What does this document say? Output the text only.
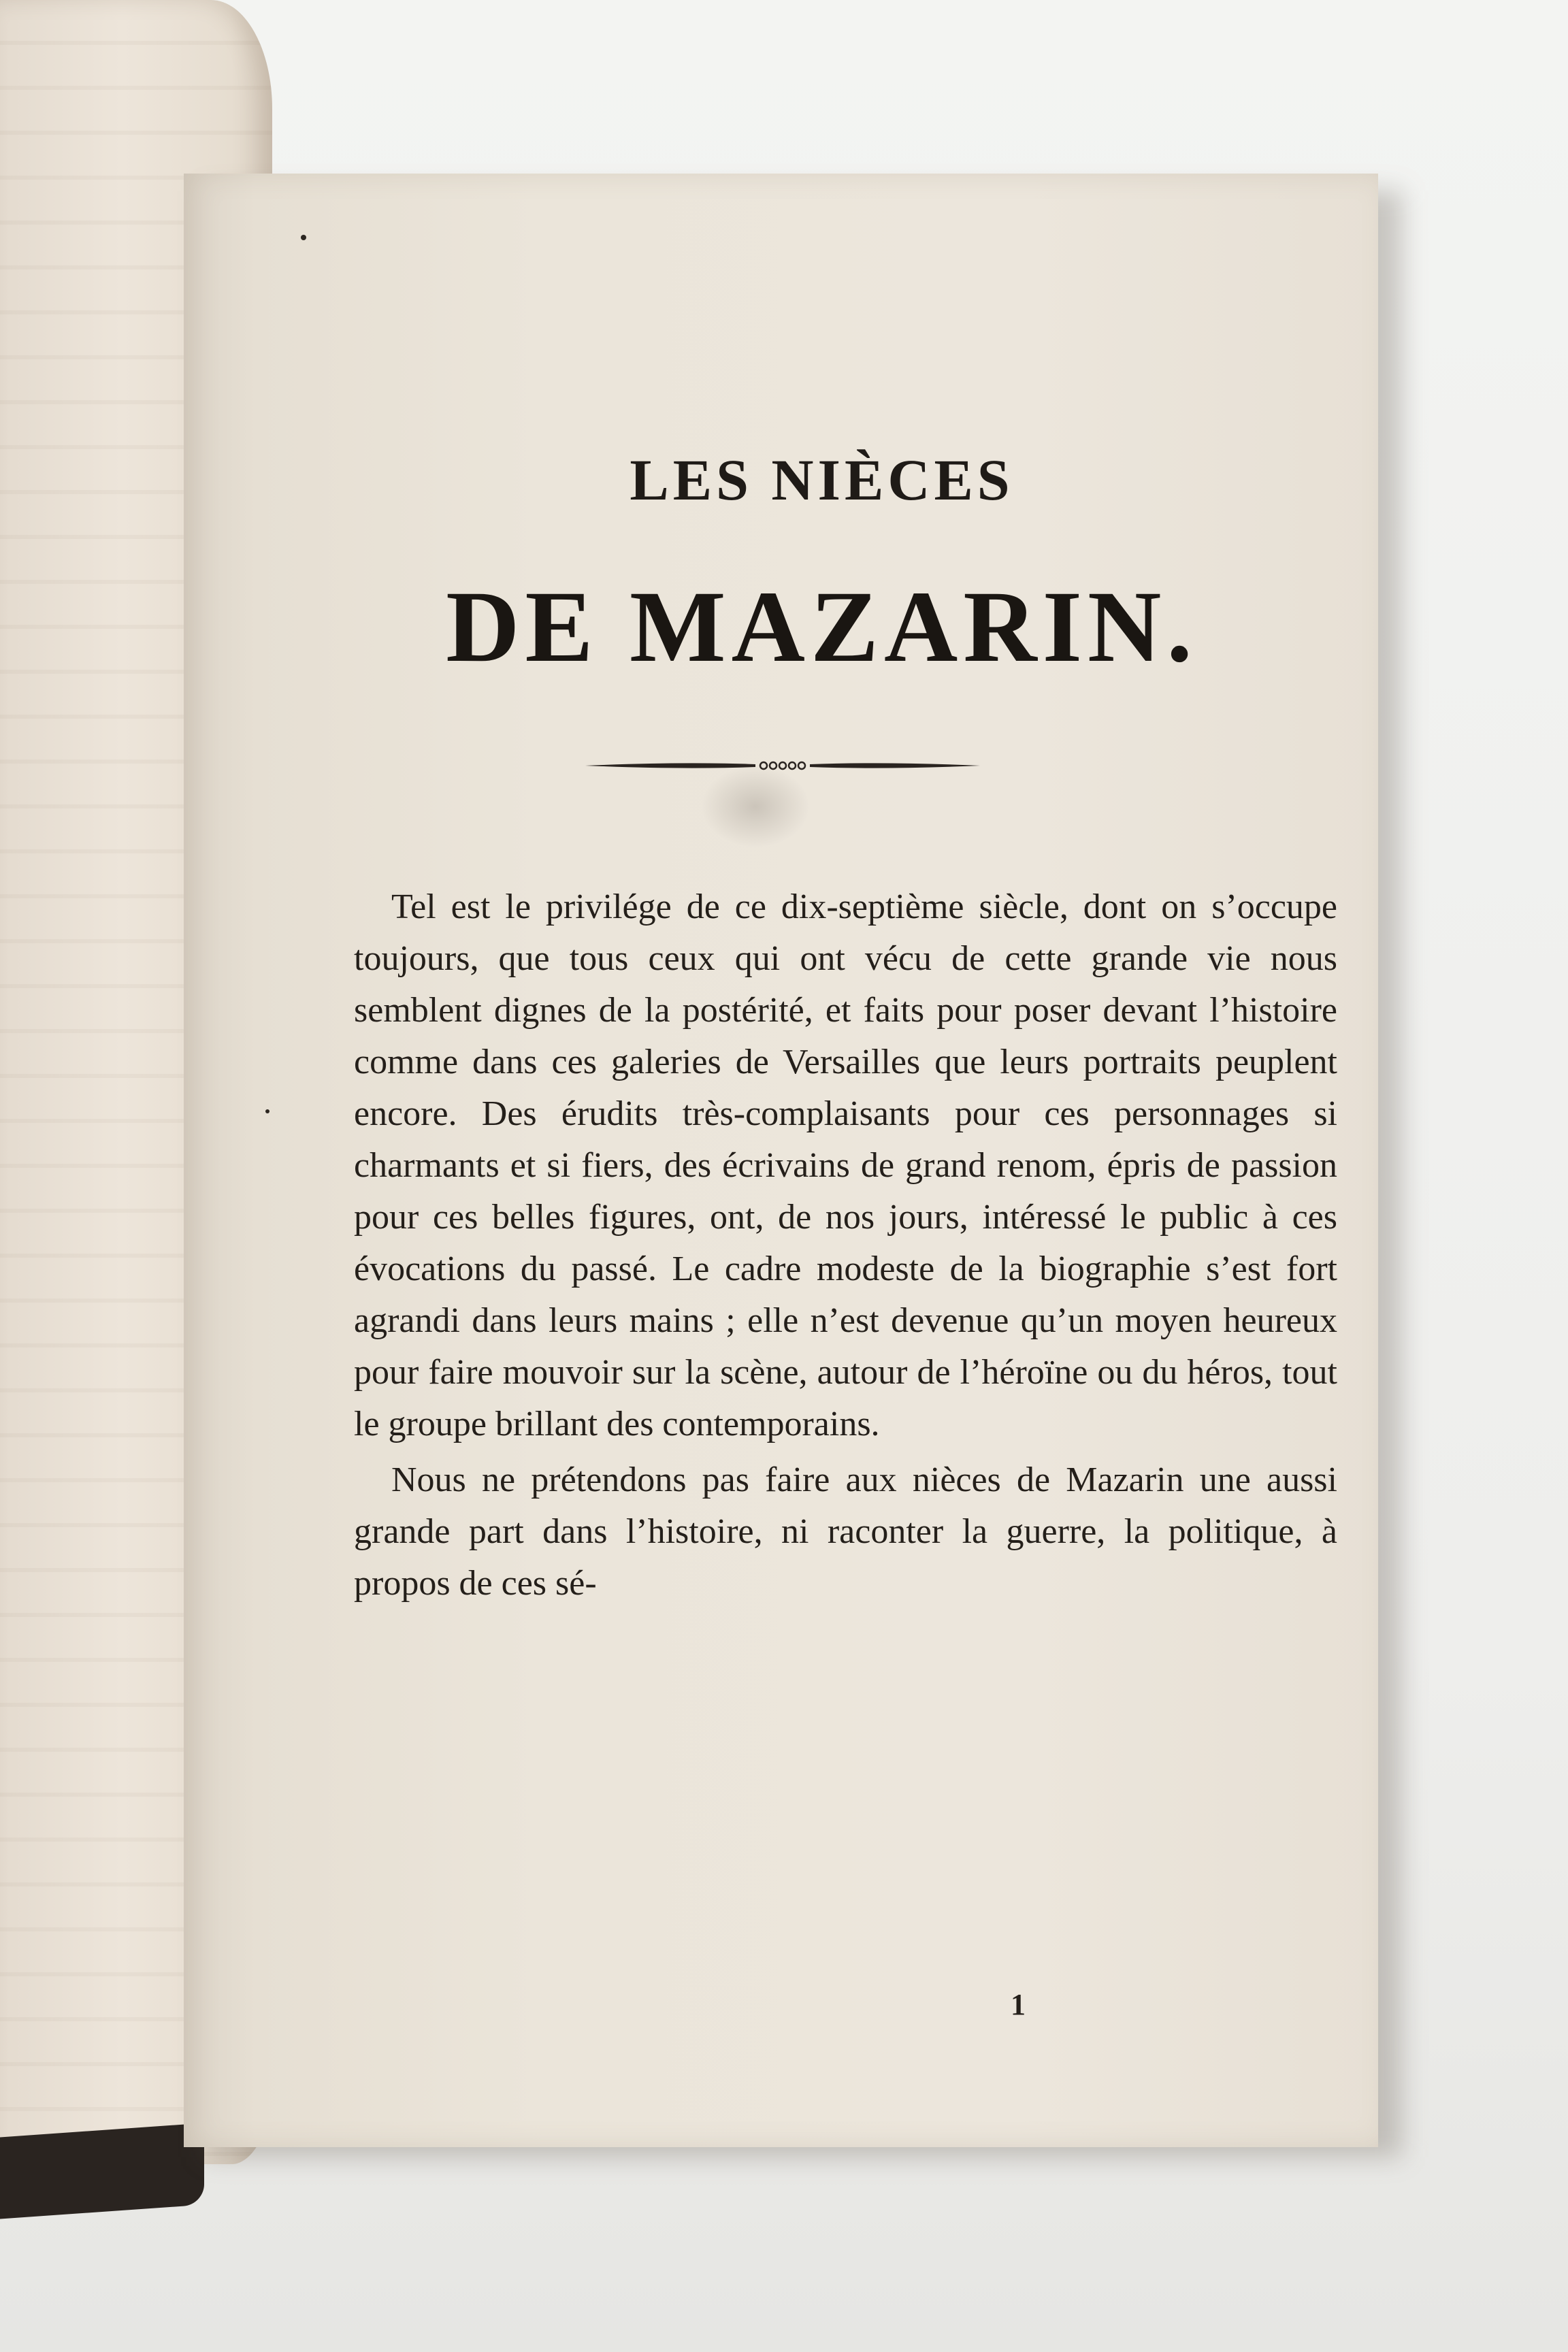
LES NIÈCES
DE MAZARIN.

Tel est le privilége de ce dix-septième siècle, dont on s’occupe toujours, que tous ceux qui ont vécu de cette grande vie nous semblent dignes de la postérité, et faits pour poser devant l’histoire comme dans ces galeries de Versailles que leurs portraits peuplent encore. Des érudits très-complaisants pour ces personnages si charmants et si fiers, des écrivains de grand renom, épris de passion pour ces belles figures, ont, de nos jours, intéressé le public à ces évocations du passé. Le cadre modeste de la biographie s’est fort agrandi dans leurs mains ; elle n’est devenue qu’un moyen heureux pour faire mouvoir sur la scène, autour de l’héroïne ou du héros, tout le groupe brillant des contemporains.

Nous ne prétendons pas faire aux nièces de Mazarin une aussi grande part dans l’histoire, ni raconter la guerre, la politique, à propos de ces sé-

1
